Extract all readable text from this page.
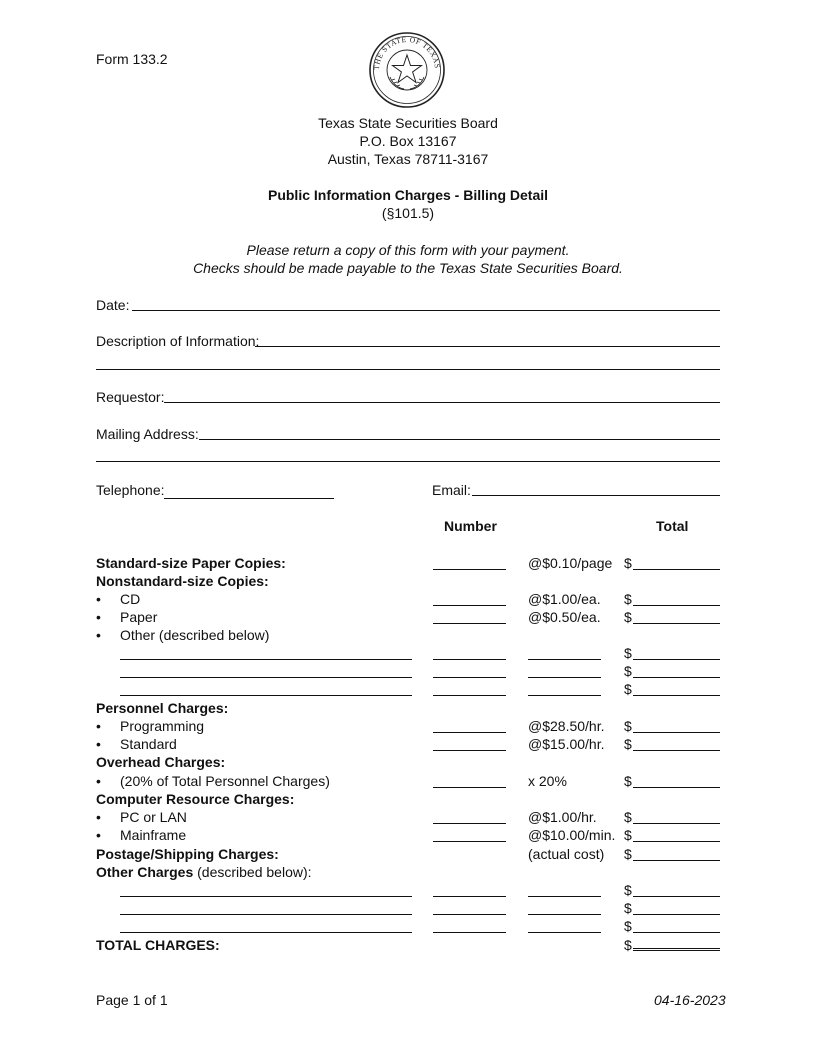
Form 133.2
THE STATE OF TEXAS
Texas State Securities Board
P.O. Box 13167
Austin, Texas 78711-3167
Public Information Charges - Billing Detail
(§101.5)
Please return a copy of this form with your payment.
Checks should be made payable to the Texas State Securities Board.
Date:
Description of Information:
Requestor:
Mailing Address:
Telephone:	Email:
Number	Total
Standard-size Paper Copies:	@$0.10/page $
Nonstandard-size Copies:
• CD	@$1.00/ea. $
• Paper	@$0.50/ea. $
• Other (described below)
$
$
$
Personnel Charges:
• Programming	@$28.50/hr. $
• Standard	@$15.00/hr. $
Overhead Charges:
• (20% of Total Personnel Charges)	x 20%	$
Computer Resource Charges:
• PC or LAN	@$1.00/hr. $
• Mainframe	@$10.00/min. $
Postage/Shipping Charges:	(actual cost) $
Other Charges (described below):
$
$
$
TOTAL CHARGES:	$
Page 1 of 1	04-16-2023
